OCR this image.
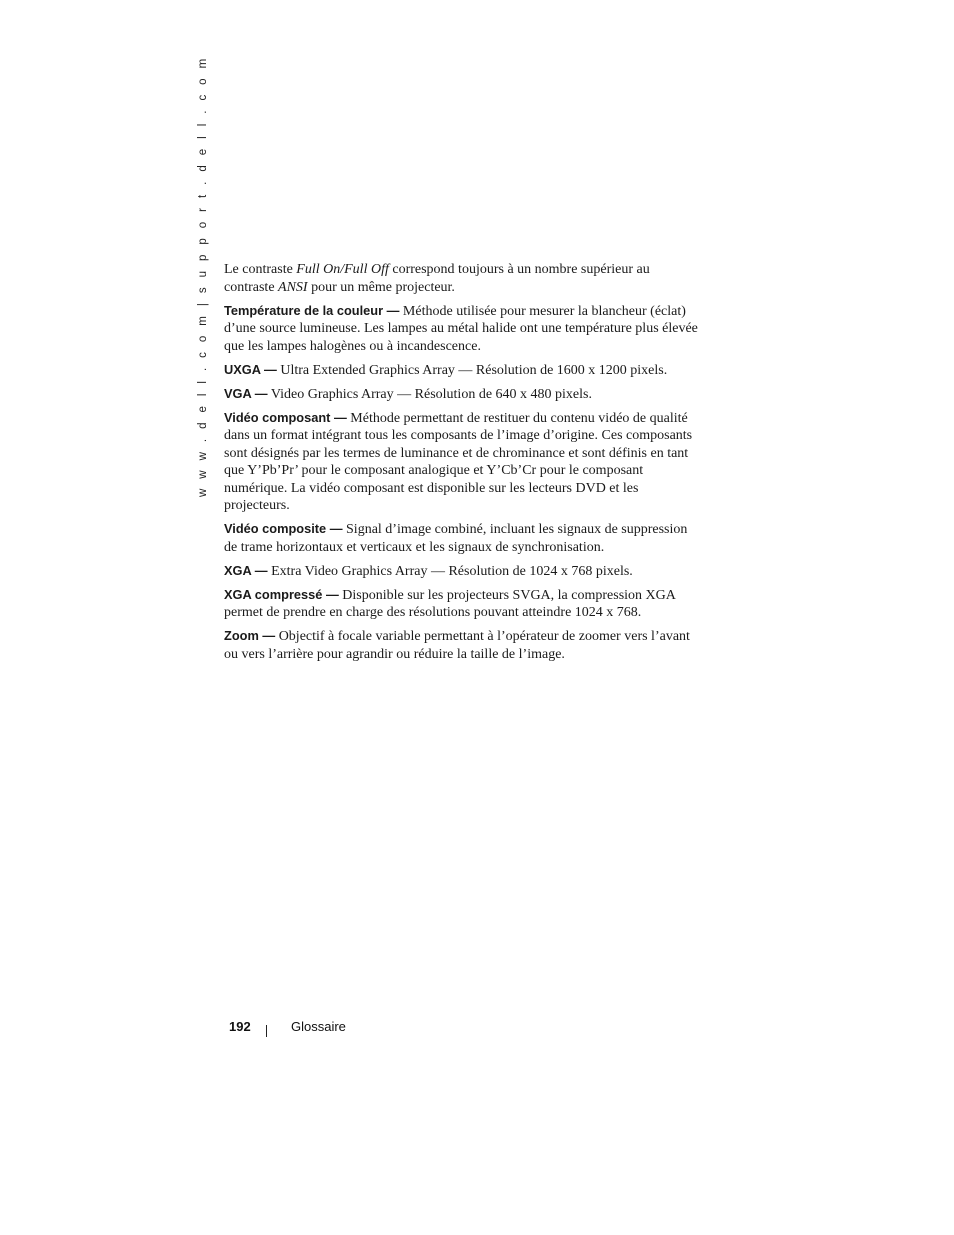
w w w . d e l l . c o m | s u p p o r t . d e l l . c o m Le contraste Full On/Full Off correspond toujours à un nombre supérieur au contraste ANSI pour un même projecteur.

Température de la couleur — Méthode utilisée pour mesurer la blancheur (éclat) d’une source lumineuse. Les lampes au métal halide ont une température plus élevée que les lampes halogènes ou à incandescence.

UXGA — Ultra Extended Graphics Array — Résolution de 1600 x 1200 pixels.

VGA — Video Graphics Array — Résolution de 640 x 480 pixels.

Vidéo composant — Méthode permettant de restituer du contenu vidéo de qualité dans un format intégrant tous les composants de l’image d’origine. Ces composants sont désignés par les termes de luminance et de chrominance et sont définis en tant que Y’Pb’Pr’ pour le composant analogique et Y’Cb’Cr pour le composant numérique. La vidéo composant est disponible sur les lecteurs DVD et les projecteurs.

Vidéo composite — Signal d’image combiné, incluant les signaux de suppression de trame horizontaux et verticaux et les signaux de synchronisation.

XGA — Extra Video Graphics Array — Résolution de 1024 x 768 pixels.

XGA compressé — Disponible sur les projecteurs SVGA, la compression XGA permet de prendre en charge des résolutions pouvant atteindre 1024 x 768.

Zoom — Objectif à focale variable permettant à l’opérateur de zoomer vers l’avant ou vers l’arrière pour agrandir ou réduire la taille de l’image.

192	Glossaire
